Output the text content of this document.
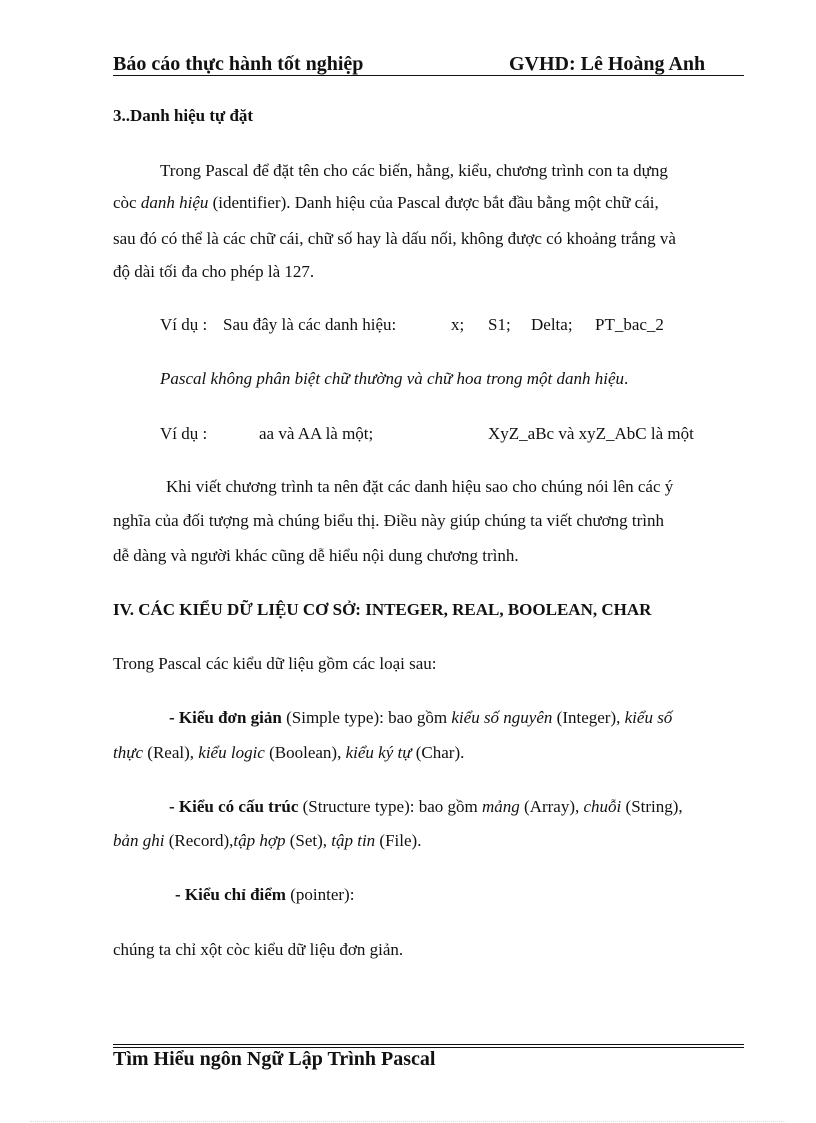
Báo cáo thực hành tốt nghiệp	GVHD: Lê Hoàng Anh
3..Danh hiệu tự đặt
Trong Pascal để đặt tên cho các biến, hằng, kiểu, chương trình con ta dựng
còc danh hiệu (identifier). Danh hiệu của Pascal được bắt đầu bằng một chữ cái,
sau đó có thể là các chữ cái, chữ số hay là dấu nối, không được có khoảng trắng và
độ dài tối đa cho phép là 127.
Ví dụ : Sau đây là các danh hiệu:	x; S1; Delta; PT_bac_2
Pascal không phân biệt chữ thường và chữ hoa trong một danh hiệu.
Ví dụ :	aa và AA là một;	XyZ_aBc và xyZ_AbC là một
Khi viết chương trình ta nên đặt các danh hiệu sao cho chúng nói lên các ý
nghĩa của đối tượng mà chúng biểu thị. Điều này giúp chúng ta viết chương trình
dễ dàng và người khác cũng dễ hiểu nội dung chương trình.
IV. CÁC KIỂU DỮ LIỆU CƠ SỞ: INTEGER, REAL, BOOLEAN, CHAR
Trong Pascal các kiểu dữ liệu gồm các loại sau:
- Kiểu đơn giản (Simple type): bao gồm kiểu số nguyên (Integer), kiểu số
thực (Real), kiểu logic (Boolean), kiểu ký tự (Char).
- Kiểu có cấu trúc (Structure type): bao gồm mảng (Array), chuỗi (String),
bản ghi (Record),tập hợp (Set), tập tin (File).
- Kiểu chỉ điểm (pointer):
chúng ta chỉ xột còc kiểu dữ liệu đơn giản.
Tìm Hiểu ngôn Ngữ Lập Trình Pascal
